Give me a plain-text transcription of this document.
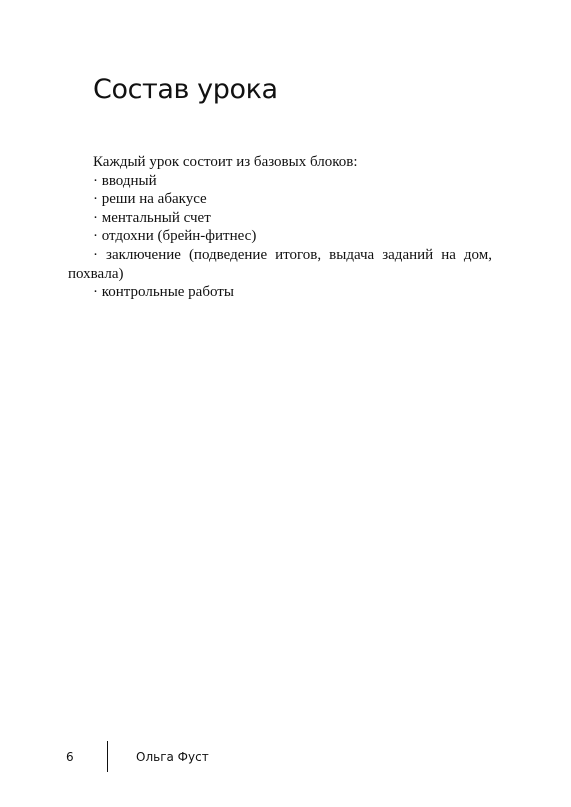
Состав урока

Каждый урок состоит из базовых блоков:

· вводный

· реши на абакусе

· ментальный счет

· отдохни (брейн-фитнес)

· заключение (подведение итогов, выдача заданий на дом, похвала)

· контрольные работы

6	Ольга Фуст
